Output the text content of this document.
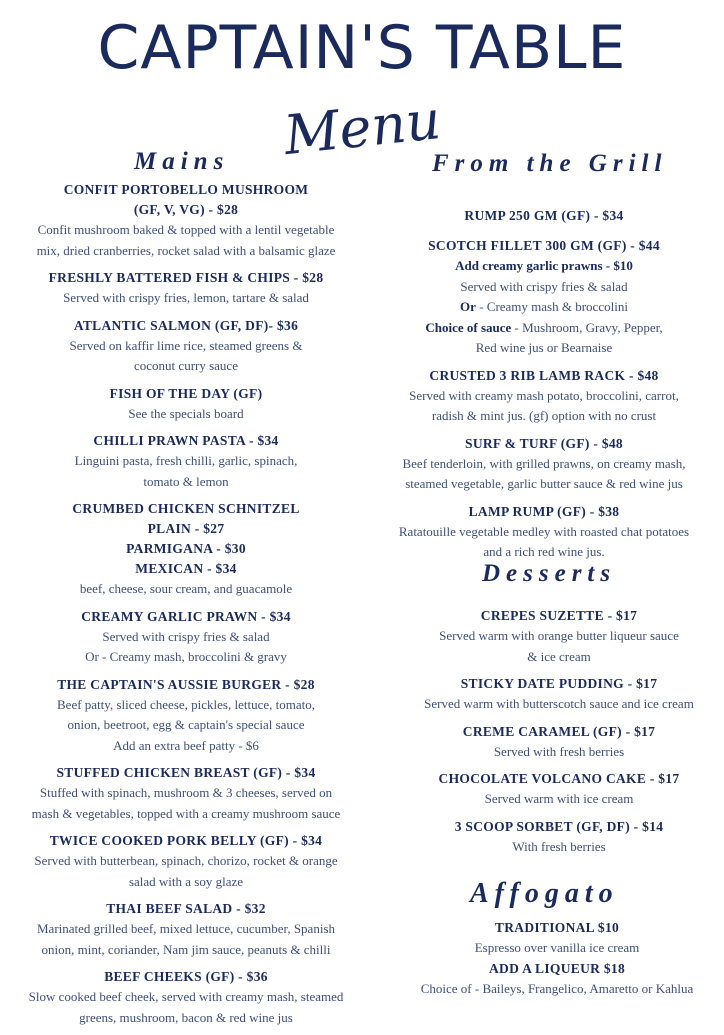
CAPTAIN'S TABLE
Menu
Mains	From the Grill
CONFIT PORTOBELLO MUSHROOM
(GF, V, VG) - $28
Confit mushroom baked & topped with a lentil vegetable
mix, dried cranberries, rocket salad with a balsamic glaze
FRESHLY BATTERED FISH & CHIPS - $28
Served with crispy fries, lemon, tartare & salad
ATLANTIC SALMON (GF, DF)- $36
Served on kaffir lime rice, steamed greens &
coconut curry sauce
FISH OF THE DAY (GF)
See the specials board
CHILLI PRAWN PASTA - $34
Linguini pasta, fresh chilli, garlic, spinach,
tomato & lemon
CRUMBED CHICKEN SCHNITZEL
PLAIN - $27
PARMIGANA - $30
MEXICAN - $34
beef, cheese, sour cream, and guacamole
CREAMY GARLIC PRAWN - $34
Served with crispy fries & salad
Or - Creamy mash, broccolini & gravy
THE CAPTAIN'S AUSSIE BURGER - $28
Beef patty, sliced cheese, pickles, lettuce, tomato,
onion, beetroot, egg & captain's special sauce
Add an extra beef patty - $6
STUFFED CHICKEN BREAST (GF) - $34
Stuffed with spinach, mushroom & 3 cheeses, served on
mash & vegetables, topped with a creamy mushroom sauce
TWICE COOKED PORK BELLY (GF) - $34
Served with butterbean, spinach, chorizo, rocket & orange
salad with a soy glaze
THAI BEEF SALAD - $32
Marinated grilled beef, mixed lettuce, cucumber, Spanish
onion, mint, coriander, Nam jim sauce, peanuts & chilli
BEEF CHEEKS (GF) - $36
Slow cooked beef cheek, served with creamy mash, steamed
greens, mushroom, bacon & red wine jus
RUMP 250 GM (GF) - $34
SCOTCH FILLET 300 GM (GF) - $44
Add creamy garlic prawns - $10
Served with crispy fries & salad
Or - Creamy mash & broccolini
Choice of sauce - Mushroom, Gravy, Pepper,
Red wine jus or Bearnaise
CRUSTED 3 RIB LAMB RACK - $48
Served with creamy mash potato, broccolini, carrot,
radish & mint jus. (gf) option with no crust
SURF & TURF (GF) - $48
Beef tenderloin, with grilled prawns, on creamy mash,
steamed vegetable, garlic butter sauce & red wine jus
LAMP RUMP (GF) - $38
Ratatouille vegetable medley with roasted chat potatoes
and a rich red wine jus.
Desserts
CREPES SUZETTE - $17
Served warm with orange butter liqueur sauce
& ice cream
STICKY DATE PUDDING - $17
Served warm with butterscotch sauce and ice cream
CREME CARAMEL (GF) - $17
Served with fresh berries
CHOCOLATE VOLCANO CAKE - $17
Served warm with ice cream
3 SCOOP SORBET (GF, DF) - $14
With fresh berries
Affogato
TRADITIONAL $10
Espresso over vanilla ice cream
ADD A LIQUEUR $18
Choice of - Baileys, Frangelico, Amaretto or Kahlua
